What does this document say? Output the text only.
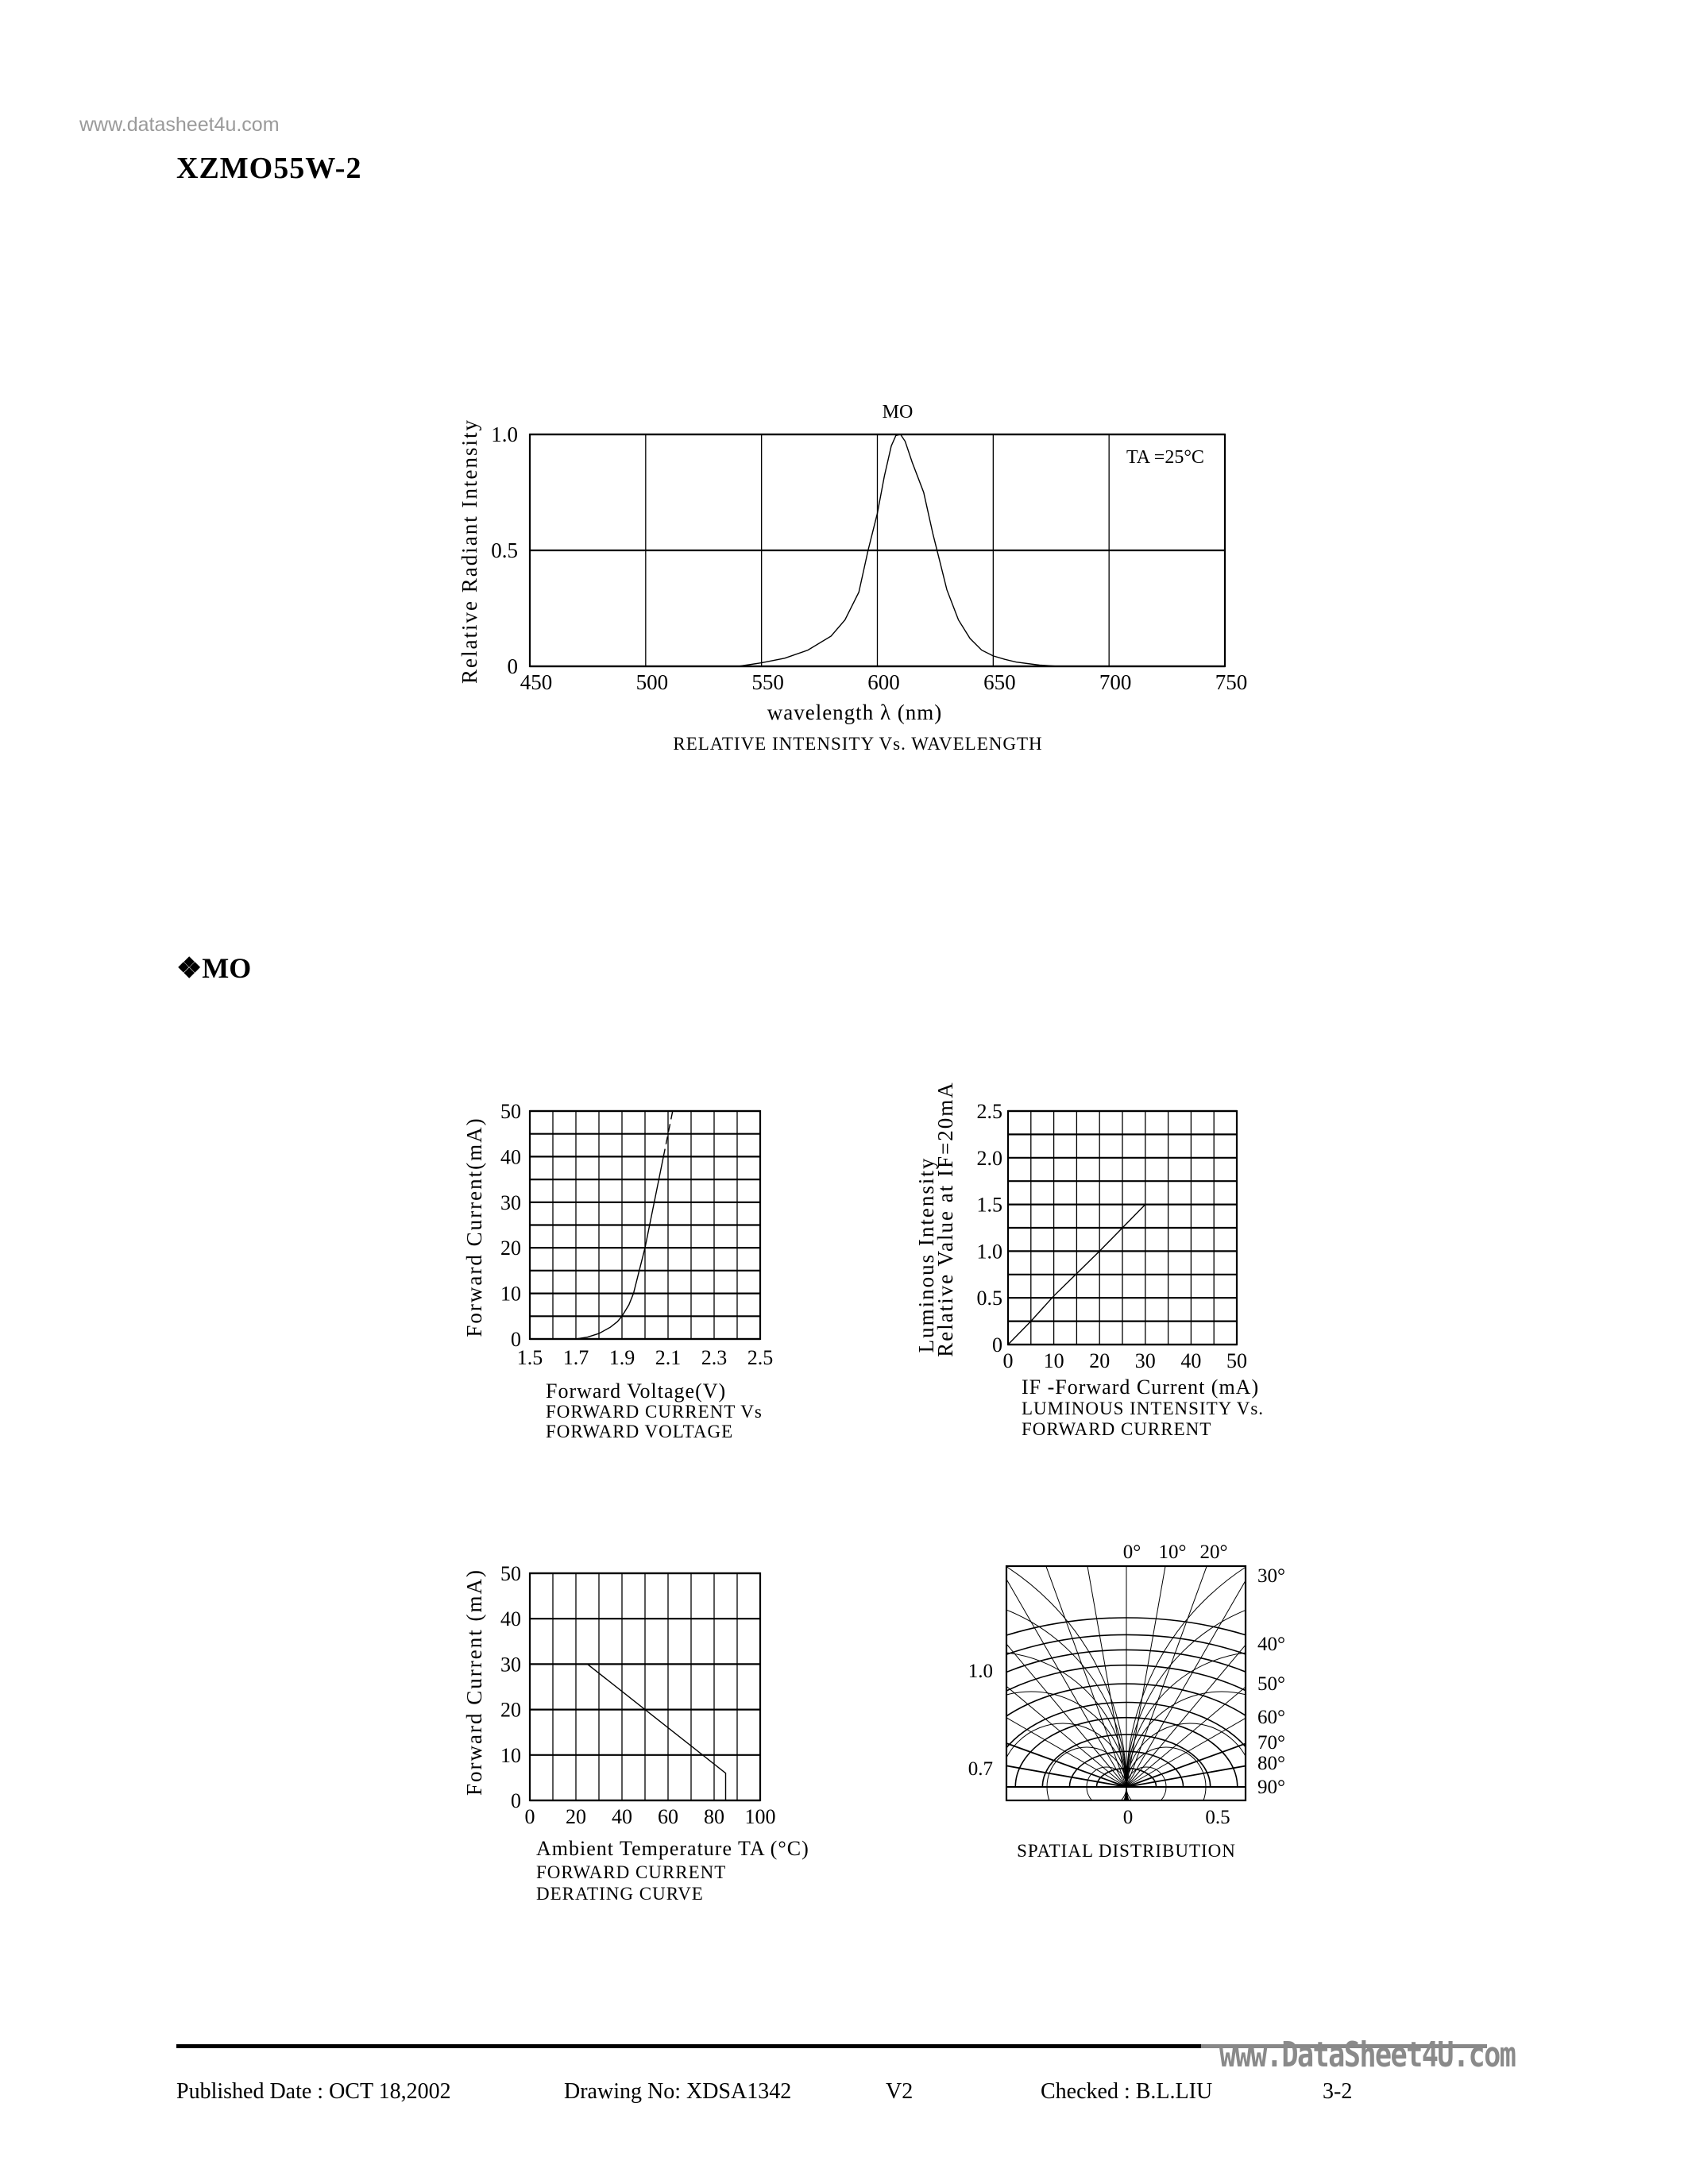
www.datasheet4u.com
XZMO55W-2
❖MO
450	500	550	600	650	700	750
0
0.5
1.0
Relative Radiant Intensity
MO
TA =25°C
wavelength λ (nm)
RELATIVE INTENSITY Vs. WAVELENGTH
1.5 1.7 1.9 2.1 2.3 2.5
0
10
20
30
40
50
Forward Current(mA)
Forward Voltage(V)
FORWARD CURRENT Vs
FORWARD VOLTAGE
0 10 20 30 40 50
0
0.5
1.0
1.5
2.0
2.5
Luminous Intensity
Relative Value at IF=20mA
IF -Forward Current (mA)
LUMINOUS INTENSITY Vs.
FORWARD CURRENT
0 20 40 60 80 100
0
10
20
30
40
50
Forward Current (mA)
Ambient Temperature TA (°C)
FORWARD CURRENT
DERATING CURVE
0° 10° 20°
30°
40°
50°
60°
70°
80°
90°
1.0
0.7
0	0.5
SPATIAL DISTRIBUTION
www.DataSheet4U.com
Published Date : OCT 18,2002	Drawing No: XDSA1342	V2	Checked : B.L.LIU	3-2
